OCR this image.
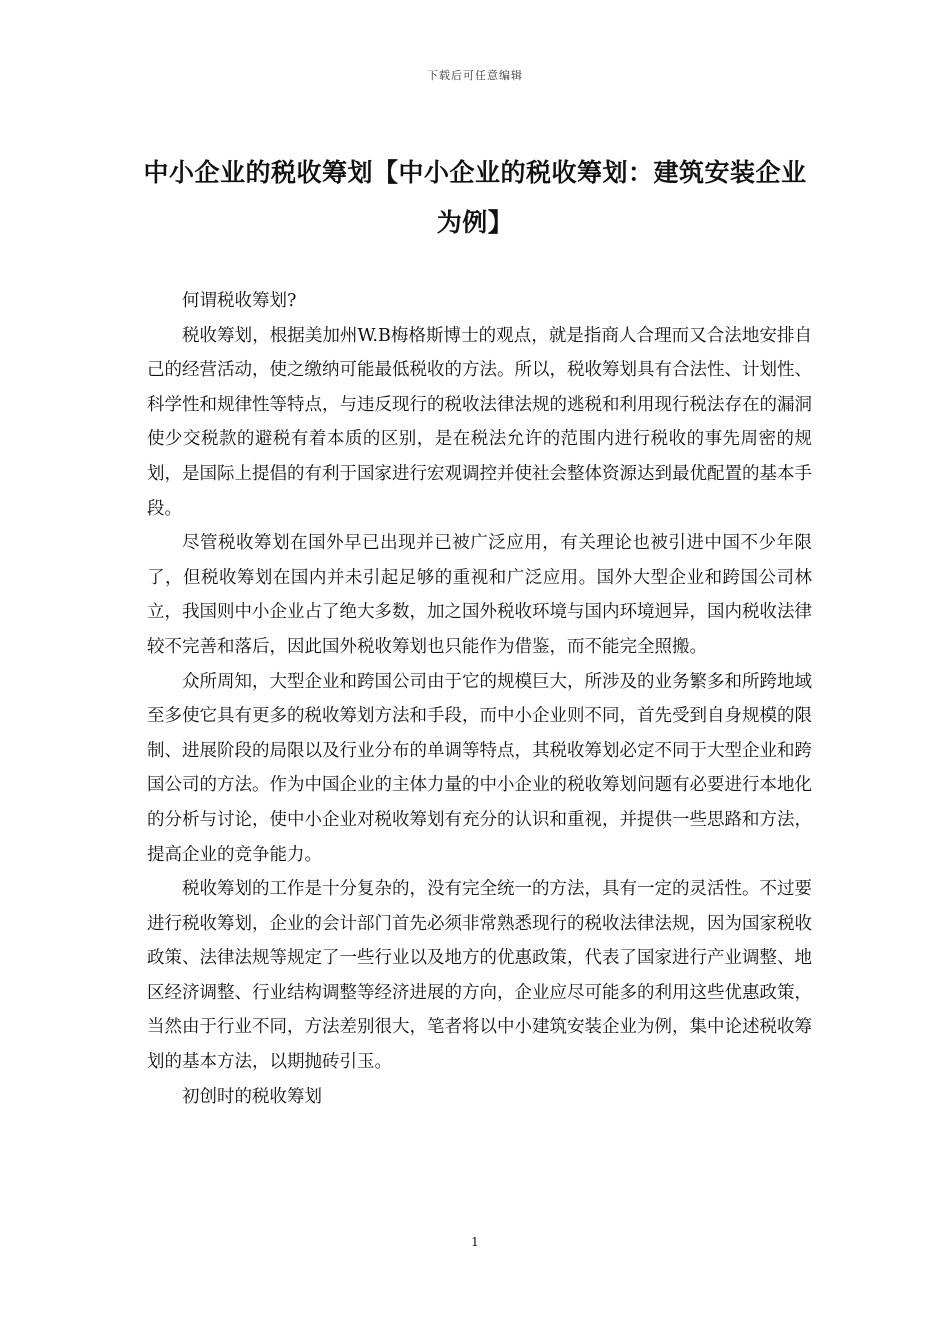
下载后可任意编辑
中小企业的税收筹划【中小企业的税收筹划：建筑安装企业为例】

何谓税收筹划?

税收筹划，根据美加州W.B梅格斯博士的观点，就是指商人合理而又合法地安排自己的经营活动，使之缴纳可能最低税收的方法。所以，税收筹划具有合法性、计划性、科学性和规律性等特点，与违反现行的税收法律法规的逃税和利用现行税法存在的漏洞使少交税款的避税有着本质的区别，是在税法允许的范围内进行税收的事先周密的规划，是国际上提倡的有利于国家进行宏观调控并使社会整体资源达到最优配置的基本手段。

尽管税收筹划在国外早已出现并已被广泛应用，有关理论也被引进中国不少年限了，但税收筹划在国内并未引起足够的重视和广泛应用。国外大型企业和跨国公司林立，我国则中小企业占了绝大多数，加之国外税收环境与国内环境迥异，国内税收法律较不完善和落后，因此国外税收筹划也只能作为借鉴，而不能完全照搬。

众所周知，大型企业和跨国公司由于它的规模巨大，所涉及的业务繁多和所跨地域至多使它具有更多的税收筹划方法和手段，而中小企业则不同，首先受到自身规模的限制、进展阶段的局限以及行业分布的单调等特点，其税收筹划必定不同于大型企业和跨国公司的方法。作为中国企业的主体力量的中小企业的税收筹划问题有必要进行本地化的分析与讨论，使中小企业对税收筹划有充分的认识和重视，并提供一些思路和方法，提高企业的竞争能力。

税收筹划的工作是十分复杂的，没有完全统一的方法，具有一定的灵活性。不过要进行税收筹划，企业的会计部门首先必须非常熟悉现行的税收法律法规，因为国家税收政策、法律法规等规定了一些行业以及地方的优惠政策，代表了国家进行产业调整、地区经济调整、行业结构调整等经济进展的方向，企业应尽可能多的利用这些优惠政策，当然由于行业不同，方法差别很大，笔者将以中小建筑安装企业为例，集中论述税收筹划的基本方法，以期抛砖引玉。

初创时的税收筹划

1
